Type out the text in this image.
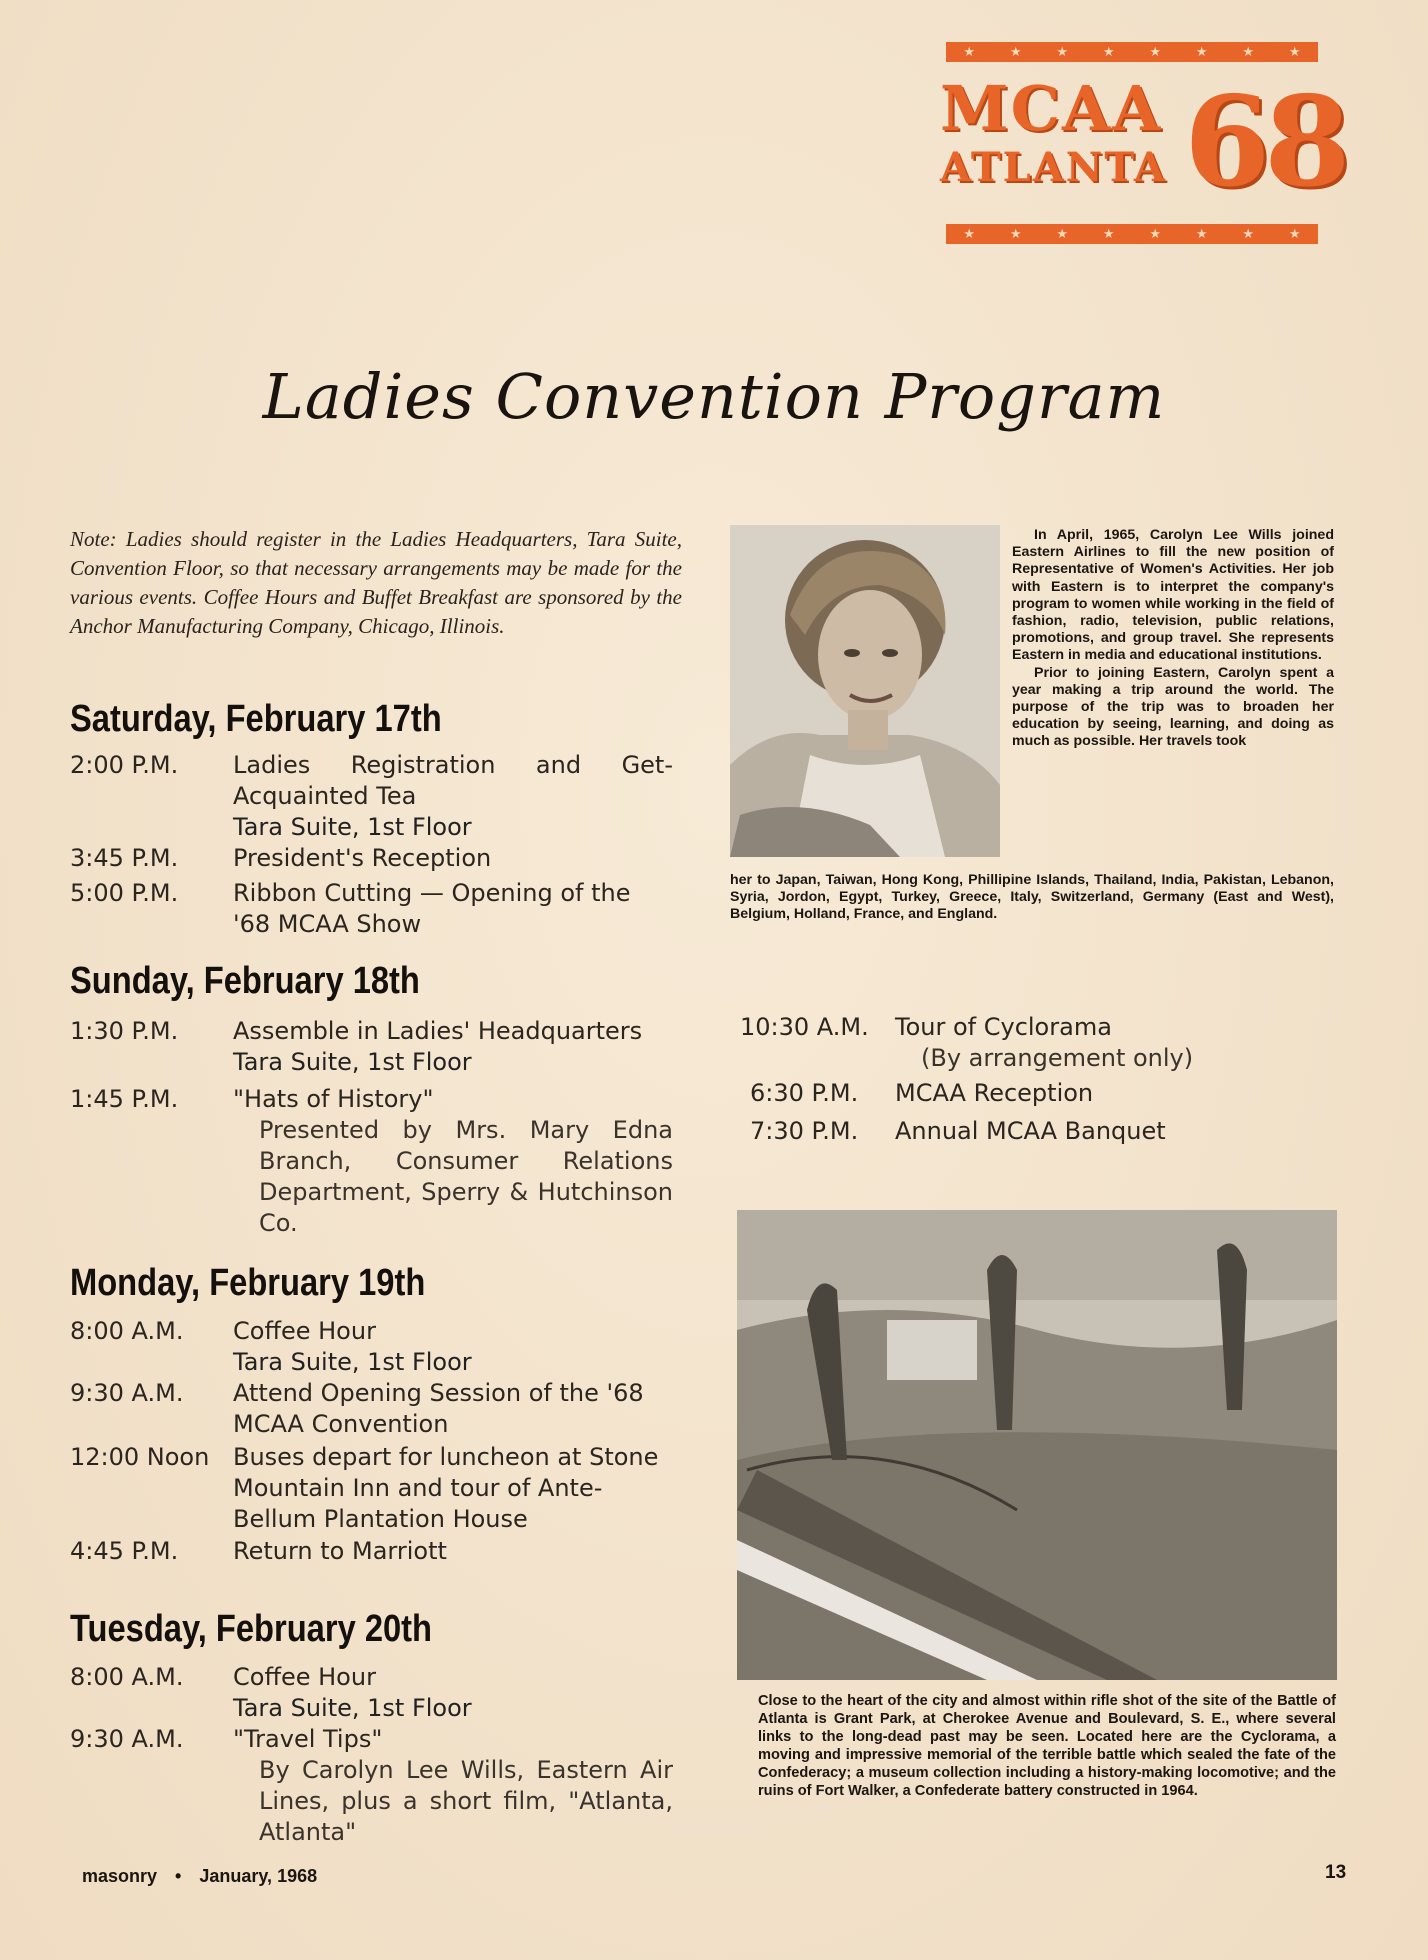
★	★	★	★	★	★	★	★
MCAA
ATLANTA 68
★	★	★	★	★	★	★	★
Ladies Convention Program
Note: Ladies should register in the Ladies Headquarters, Tara Suite, Convention Floor, so that necessary arrangements may be made for the various events. Coffee Hours and Buffet Breakfast are sponsored by the Anchor Manufacturing Company, Chicago, Illinois.
Saturday, February 17th
2:00 P.M.	Ladies Registration and Get-Acquainted Tea
Tara Suite, 1st Floor
3:45 P.M.	President's Reception
5:00 P.M.	Ribbon Cutting — Opening of the '68 MCAA Show
Sunday, February 18th
1:30 P.M.	Assemble in Ladies' Headquarters
Tara Suite, 1st Floor
1:45 P.M.	"Hats of History"
Presented by Mrs. Mary Edna Branch, Consumer Relations Department, Sperry & Hutchinson Co.
Monday, February 19th
8:00 A.M.	Coffee Hour
Tara Suite, 1st Floor
9:30 A.M.	Attend Opening Session of the '68 MCAA Convention
12:00 Noon Buses depart for luncheon at Stone Mountain Inn and tour of Ante-Bellum Plantation House
4:45 P.M.	Return to Marriott
Tuesday, February 20th
8:00 A.M.	Coffee Hour
Tara Suite, 1st Floor
9:30 A.M.	"Travel Tips"
By Carolyn Lee Wills, Eastern Air Lines, plus a short film, "Atlanta, Atlanta"
In April, 1965, Carolyn Lee Wills joined Eastern Airlines to fill the new position of Representative of Women's Activities. Her job with Eastern is to interpret the company's program to women while working in the field of fashion, radio, television, public relations, promotions, and group travel. She represents Eastern in media and educational institutions.
Prior to joining Eastern, Carolyn spent a year making a trip around the world. The purpose of the trip was to broaden her education by seeing, learning, and doing as much as possible. Her travels took
her to Japan, Taiwan, Hong Kong, Phillipine Islands, Thailand, India, Pakistan, Lebanon, Syria, Jordon, Egypt, Turkey, Greece, Italy, Switzerland, Germany (East and West), Belgium, Holland, France, and England.
10:30 A.M.	Tour of Cyclorama
(By arrangement only)
6:30 P.M.	MCAA Reception
7:30 P.M.	Annual MCAA Banquet
Close to the heart of the city and almost within rifle shot of the site of the Battle of Atlanta is Grant Park, at Cherokee Avenue and Boulevard, S. E., where several links to the long-dead past may be seen. Located here are the Cyclorama, a moving and impressive memorial of the terrible battle which sealed the fate of the Confederacy; a museum collection including a history-making locomotive; and the ruins of Fort Walker, a Confederate battery constructed in 1964.
masonry • January, 1968	13
